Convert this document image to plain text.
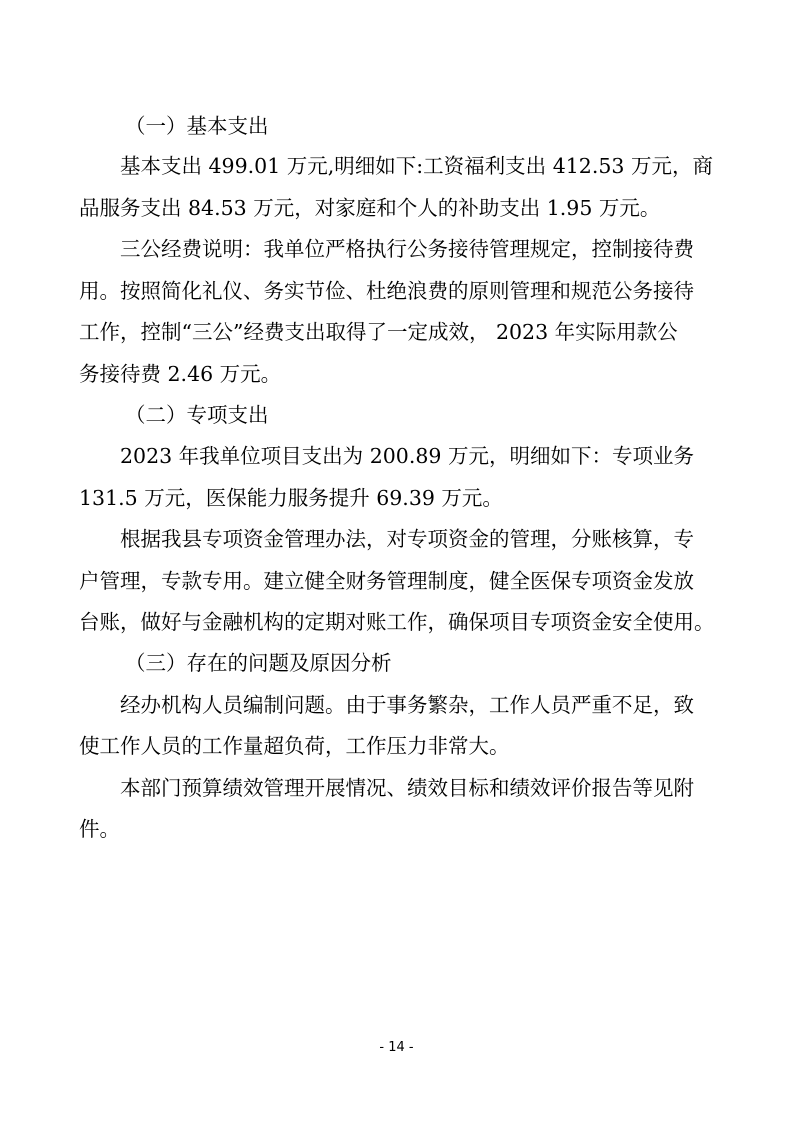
（一）基本支出
基本支出 499.01 万元,明细如下:工资福利支出 412.53 万元，商
品服务支出 84.53 万元，对家庭和个人的补助支出 1.95 万元。
三公经费说明：我单位严格执行公务接待管理规定，控制接待费
用。按照简化礼仪、务实节俭、杜绝浪费的原则管理和规范公务接待
工作，控制“三公”经费支出取得了一定成效， 2023 年实际用款公
务接待费 2.46 万元。
（二）专项支出
2023 年我单位项目支出为 200.89 万元，明细如下：专项业务
131.5 万元，医保能力服务提升 69.39 万元。
根据我县专项资金管理办法，对专项资金的管理，分账核算，专
户管理，专款专用。建立健全财务管理制度，健全医保专项资金发放
台账，做好与金融机构的定期对账工作，确保项目专项资金安全使用。
（三）存在的问题及原因分析
经办机构人员编制问题。由于事务繁杂，工作人员严重不足，致
使工作人员的工作量超负荷，工作压力非常大。
本部门预算绩效管理开展情况、绩效目标和绩效评价报告等见附
件。
- 14 -
